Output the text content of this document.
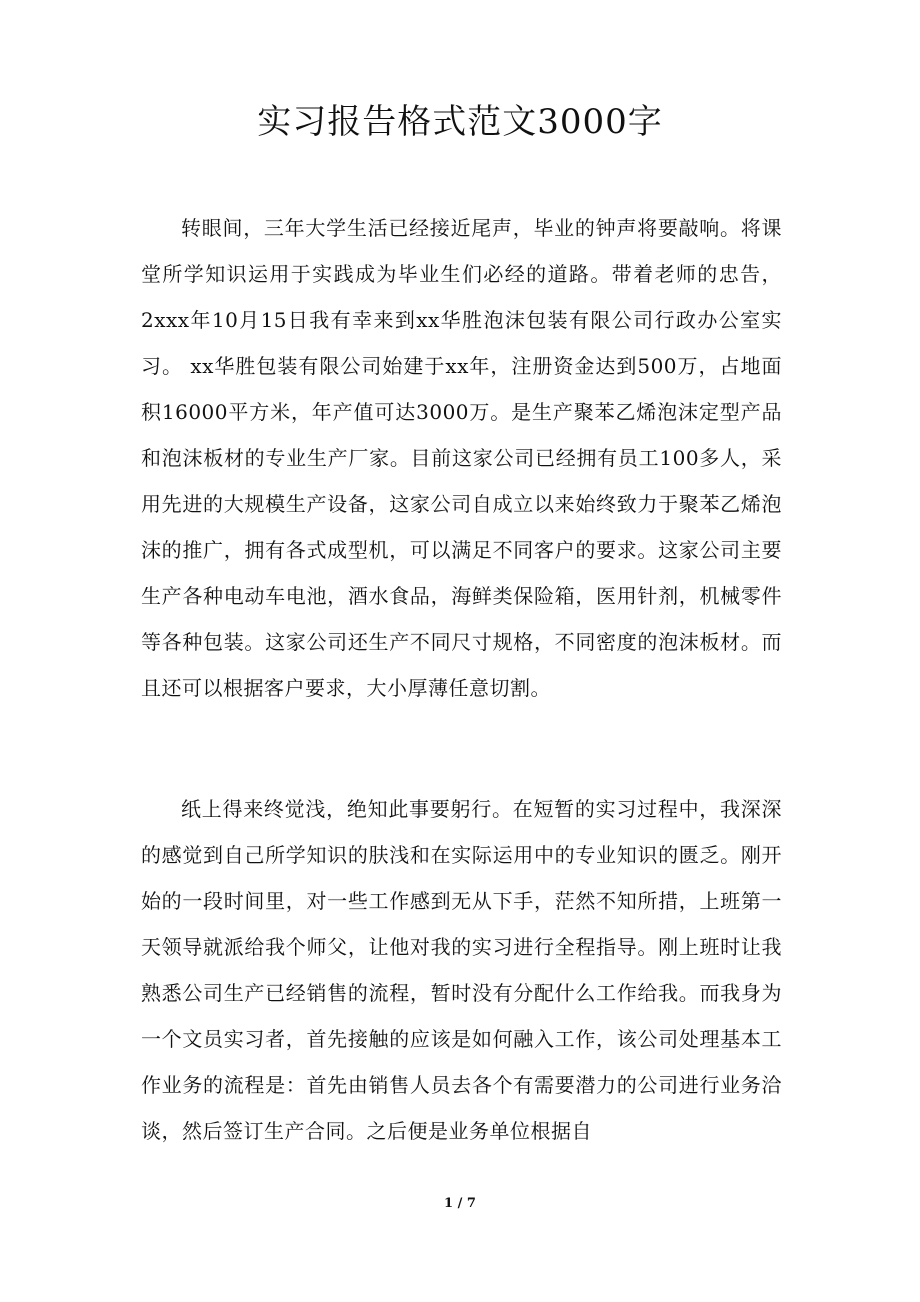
实习报告格式范文3000字

转眼间，三年大学生活已经接近尾声，毕业的钟声将要敲响。将课堂所学知识运用于实践成为毕业生们必经的道路。带着老师的忠告，2xxx年10月15日我有幸来到xx华胜泡沫包装有限公司行政办公室实习。 xx华胜包装有限公司始建于xx年，注册资金达到500万，占地面积16000平方米，年产值可达3000万。是生产聚苯乙烯泡沫定型产品和泡沫板材的专业生产厂家。目前这家公司已经拥有员工100多人，采用先进的大规模生产设备，这家公司自成立以来始终致力于聚苯乙烯泡沫的推广，拥有各式成型机，可以满足不同客户的要求。这家公司主要生产各种电动车电池，酒水食品，海鲜类保险箱，医用针剂，机械零件等各种包装。这家公司还生产不同尺寸规格，不同密度的泡沫板材。而且还可以根据客户要求，大小厚薄任意切割。

纸上得来终觉浅，绝知此事要躬行。在短暂的实习过程中，我深深的感觉到自己所学知识的肤浅和在实际运用中的专业知识的匮乏。刚开始的一段时间里，对一些工作感到无从下手，茫然不知所措，上班第一天领导就派给我个师父，让他对我的实习进行全程指导。刚上班时让我熟悉公司生产已经销售的流程，暂时没有分配什么工作给我。而我身为一个文员实习者，首先接触的应该是如何融入工作，该公司处理基本工作业务的流程是：首先由销售人员去各个有需要潜力的公司进行业务洽谈，然后签订生产合同。之后便是业务单位根据自

1 / 7
